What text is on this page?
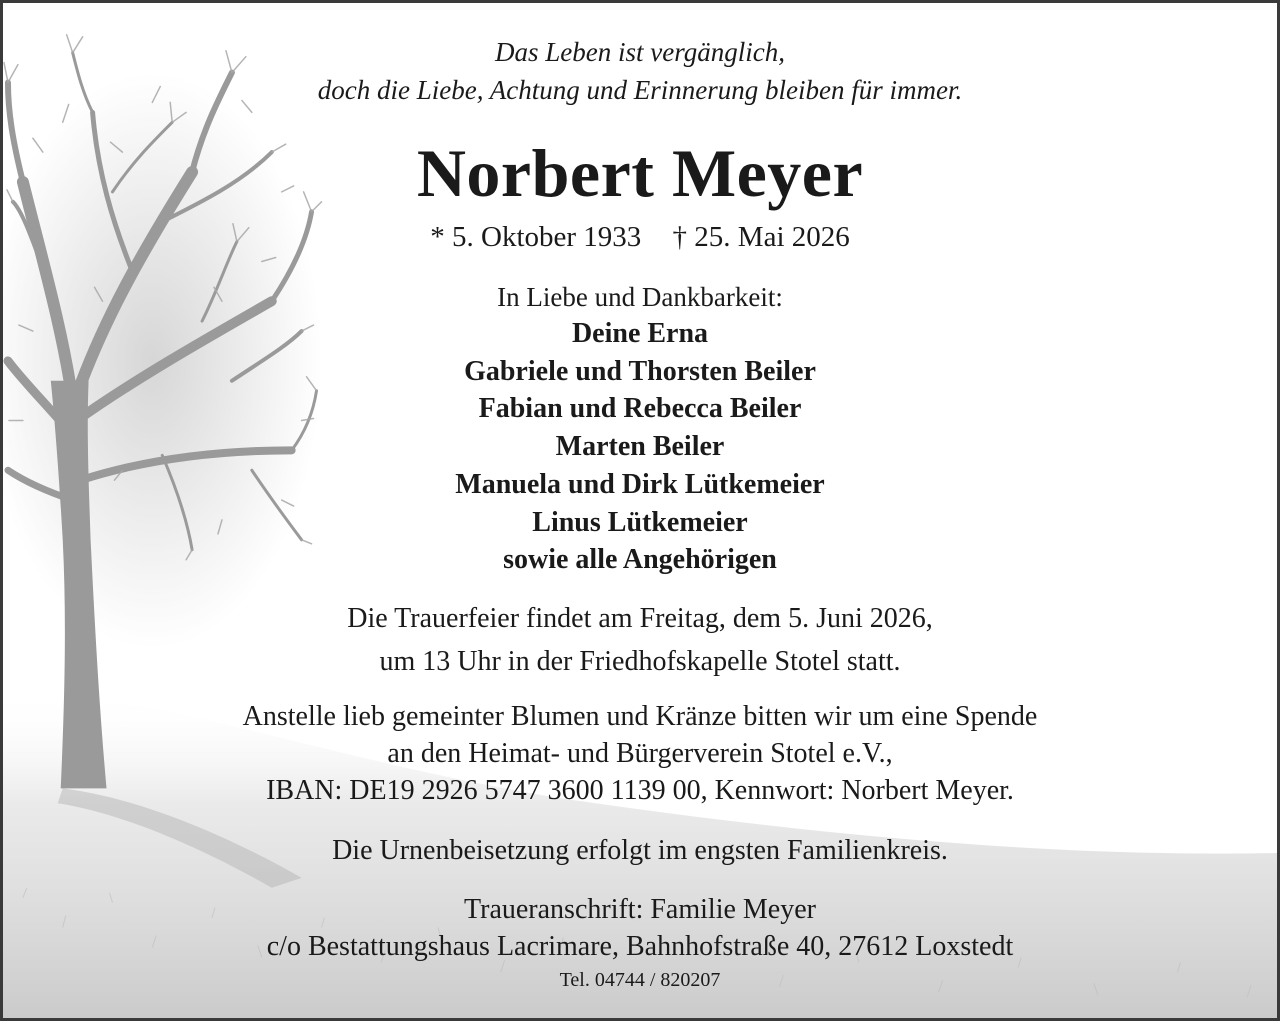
Das Leben ist vergänglich,
doch die Liebe, Achtung und Erinnerung bleiben für immer.
Norbert Meyer
* 5. Oktober 1933 † 25. Mai 2026
In Liebe und Dankbarkeit:
Deine Erna
Gabriele und Thorsten Beiler
Fabian und Rebecca Beiler
Marten Beiler
Manuela und Dirk Lütkemeier
Linus Lütkemeier
sowie alle Angehörigen
Die Trauerfeier findet am Freitag, dem 5. Juni 2026,
um 13 Uhr in der Friedhofskapelle Stotel statt.
Anstelle lieb gemeinter Blumen und Kränze bitten wir um eine Spende
an den Heimat- und Bürgerverein Stotel e.V.,
IBAN: DE19 2926 5747 3600 1139 00, Kennwort: Norbert Meyer.
Die Urnenbeisetzung erfolgt im engsten Familienkreis.
Traueranschrift: Familie Meyer
c/o Bestattungshaus Lacrimare, Bahnhofstraße 40, 27612 Loxstedt
Tel. 04744 / 820207
